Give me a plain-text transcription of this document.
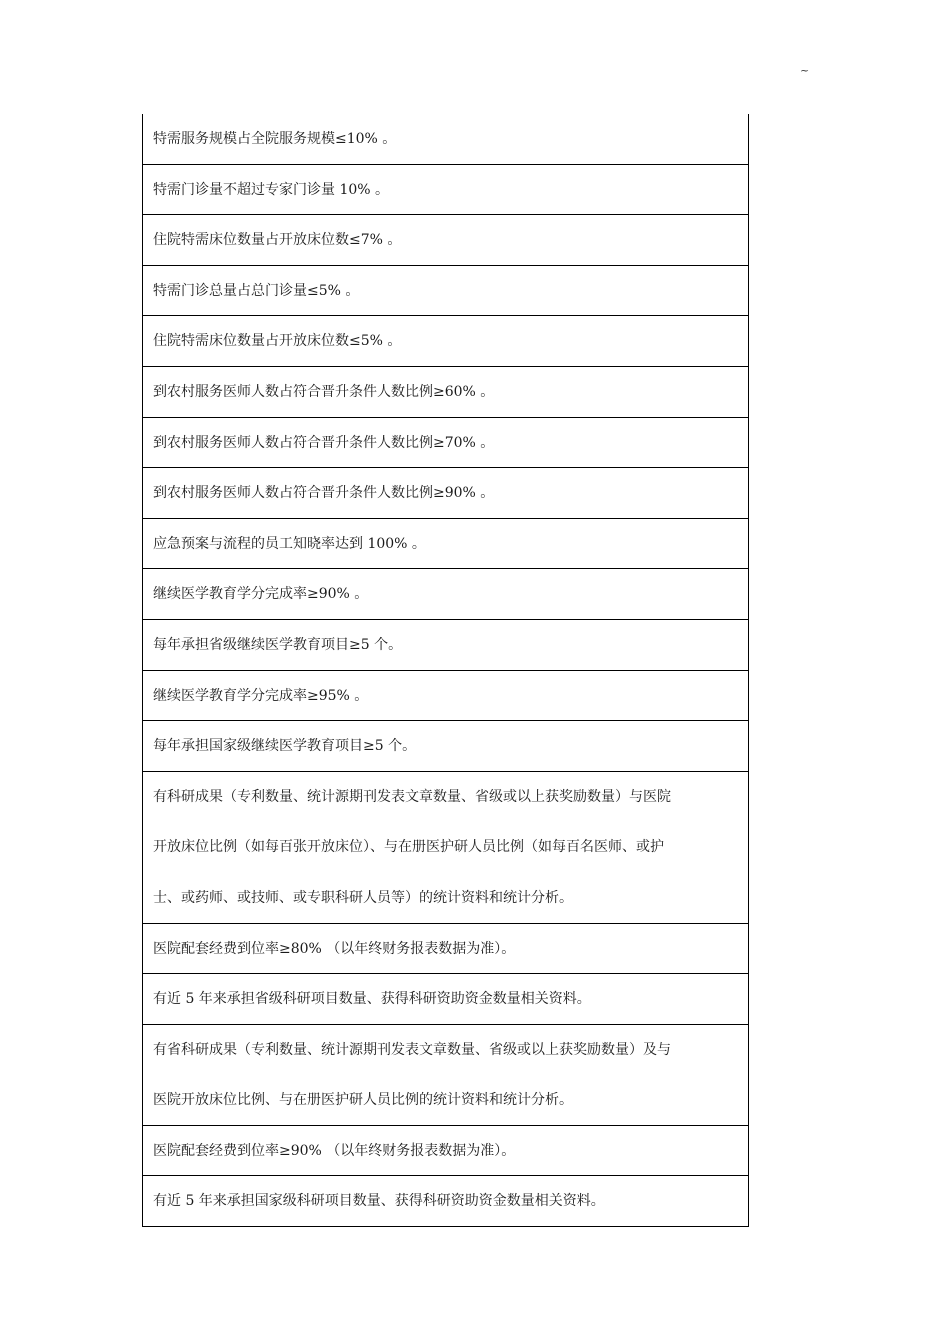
~
特需服务规模占全院服务规模≤10% 。
特需门诊量不超过专家门诊量 10% 。
住院特需床位数量占开放床位数≤7% 。
特需门诊总量占总门诊量≤5% 。
住院特需床位数量占开放床位数≤5% 。
到农村服务医师人数占符合晋升条件人数比例≥60% 。
到农村服务医师人数占符合晋升条件人数比例≥70% 。
到农村服务医师人数占符合晋升条件人数比例≥90% 。
应急预案与流程的员工知晓率达到 100% 。
继续医学教育学分完成率≥90% 。
每年承担省级继续医学教育项目≥5 个。
继续医学教育学分完成率≥95% 。
每年承担国家级继续医学教育项目≥5 个。
有科研成果（专利数量、统计源期刊发表文章数量、省级或以上获奖励数量）与医院
开放床位比例（如每百张开放床位）、与在册医护研人员比例（如每百名医师、或护
士、或药师、或技师、或专职科研人员等）的统计资料和统计分析。
医院配套经费到位率≥80% （以年终财务报表数据为准）。
有近 5 年来承担省级科研项目数量、获得科研资助资金数量相关资料。
有省科研成果（专利数量、统计源期刊发表文章数量、省级或以上获奖励数量）及与
医院开放床位比例、与在册医护研人员比例的统计资料和统计分析。
医院配套经费到位率≥90% （以年终财务报表数据为准）。
有近 5 年来承担国家级科研项目数量、获得科研资助资金数量相关资料。
